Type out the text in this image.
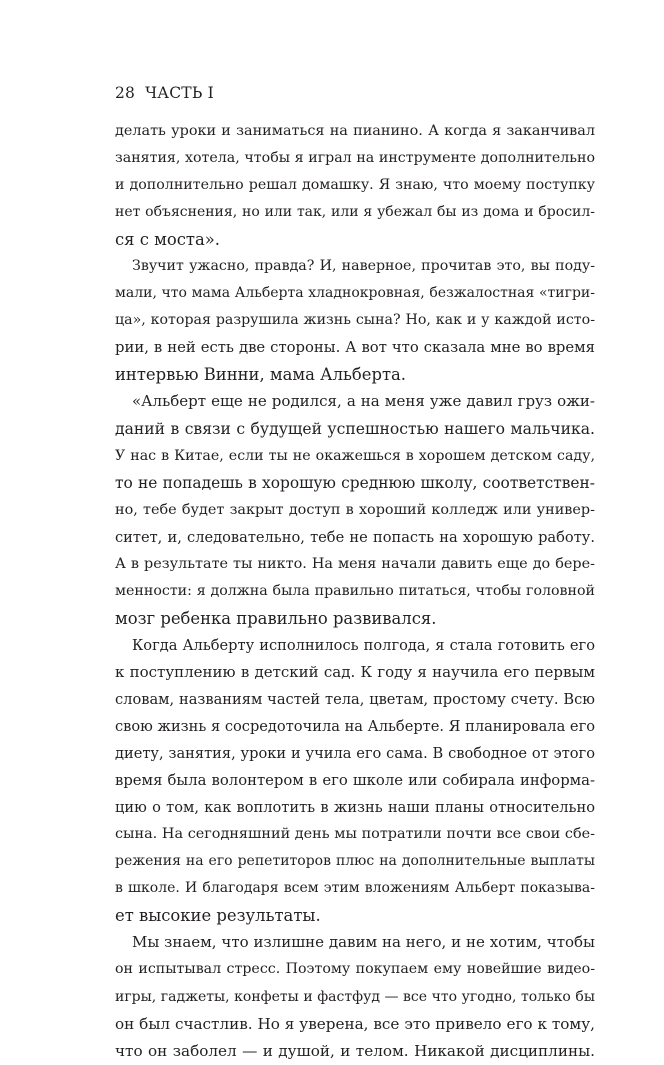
28 ЧАСТЬ I
делать уроки и заниматься на пианино. А когда я заканчивал
занятия, хотела, чтобы я играл на инструменте дополнительно
и дополнительно решал домашку. Я знаю, что моему поступку
нет объяснения, но или так, или я убежал бы из дома и бросил-
ся с моста».
Звучит ужасно, правда? И, наверное, прочитав это, вы поду-
мали, что мама Альберта хладнокровная, безжалостная «тигри-
ца», которая разрушила жизнь сына? Но, как и у каждой исто-
рии, в ней есть две стороны. А вот что сказала мне во время
интервью Винни, мама Альберта.
«Альберт еще не родился, а на меня уже давил груз ожи-
даний в связи с будущей успешностью нашего мальчика.
У нас в Китае, если ты не окажешься в хорошем детском саду,
то не попадешь в хорошую среднюю школу, соответствен-
но, тебе будет закрыт доступ в хороший колледж или универ-
ситет, и, следовательно, тебе не попасть на хорошую работу.
А в результате ты никто. На меня начали давить еще до бере-
менности: я должна была правильно питаться, чтобы головной
мозг ребенка правильно развивался.
Когда Альберту исполнилось полгода, я стала готовить его
к поступлению в детский сад. К году я научила его первым
словам, названиям частей тела, цветам, простому счету. Всю
свою жизнь я сосредоточила на Альберте. Я планировала его
диету, занятия, уроки и учила его сама. В свободное от этого
время была волонтером в его школе или собирала информа-
цию о том, как воплотить в жизнь наши планы относительно
сына. На сегодняшний день мы потратили почти все свои сбе-
режения на его репетиторов плюс на дополнительные выплаты
в школе. И благодаря всем этим вложениям Альберт показыва-
ет высокие результаты.
Мы знаем, что излишне давим на него, и не хотим, чтобы
он испытывал стресс. Поэтому покупаем ему новейшие видео-
игры, гаджеты, конфеты и фастфуд — все что угодно, только бы
он был счастлив. Но я уверена, все это привело его к тому,
что он заболел — и душой, и телом. Никакой дисциплины.
